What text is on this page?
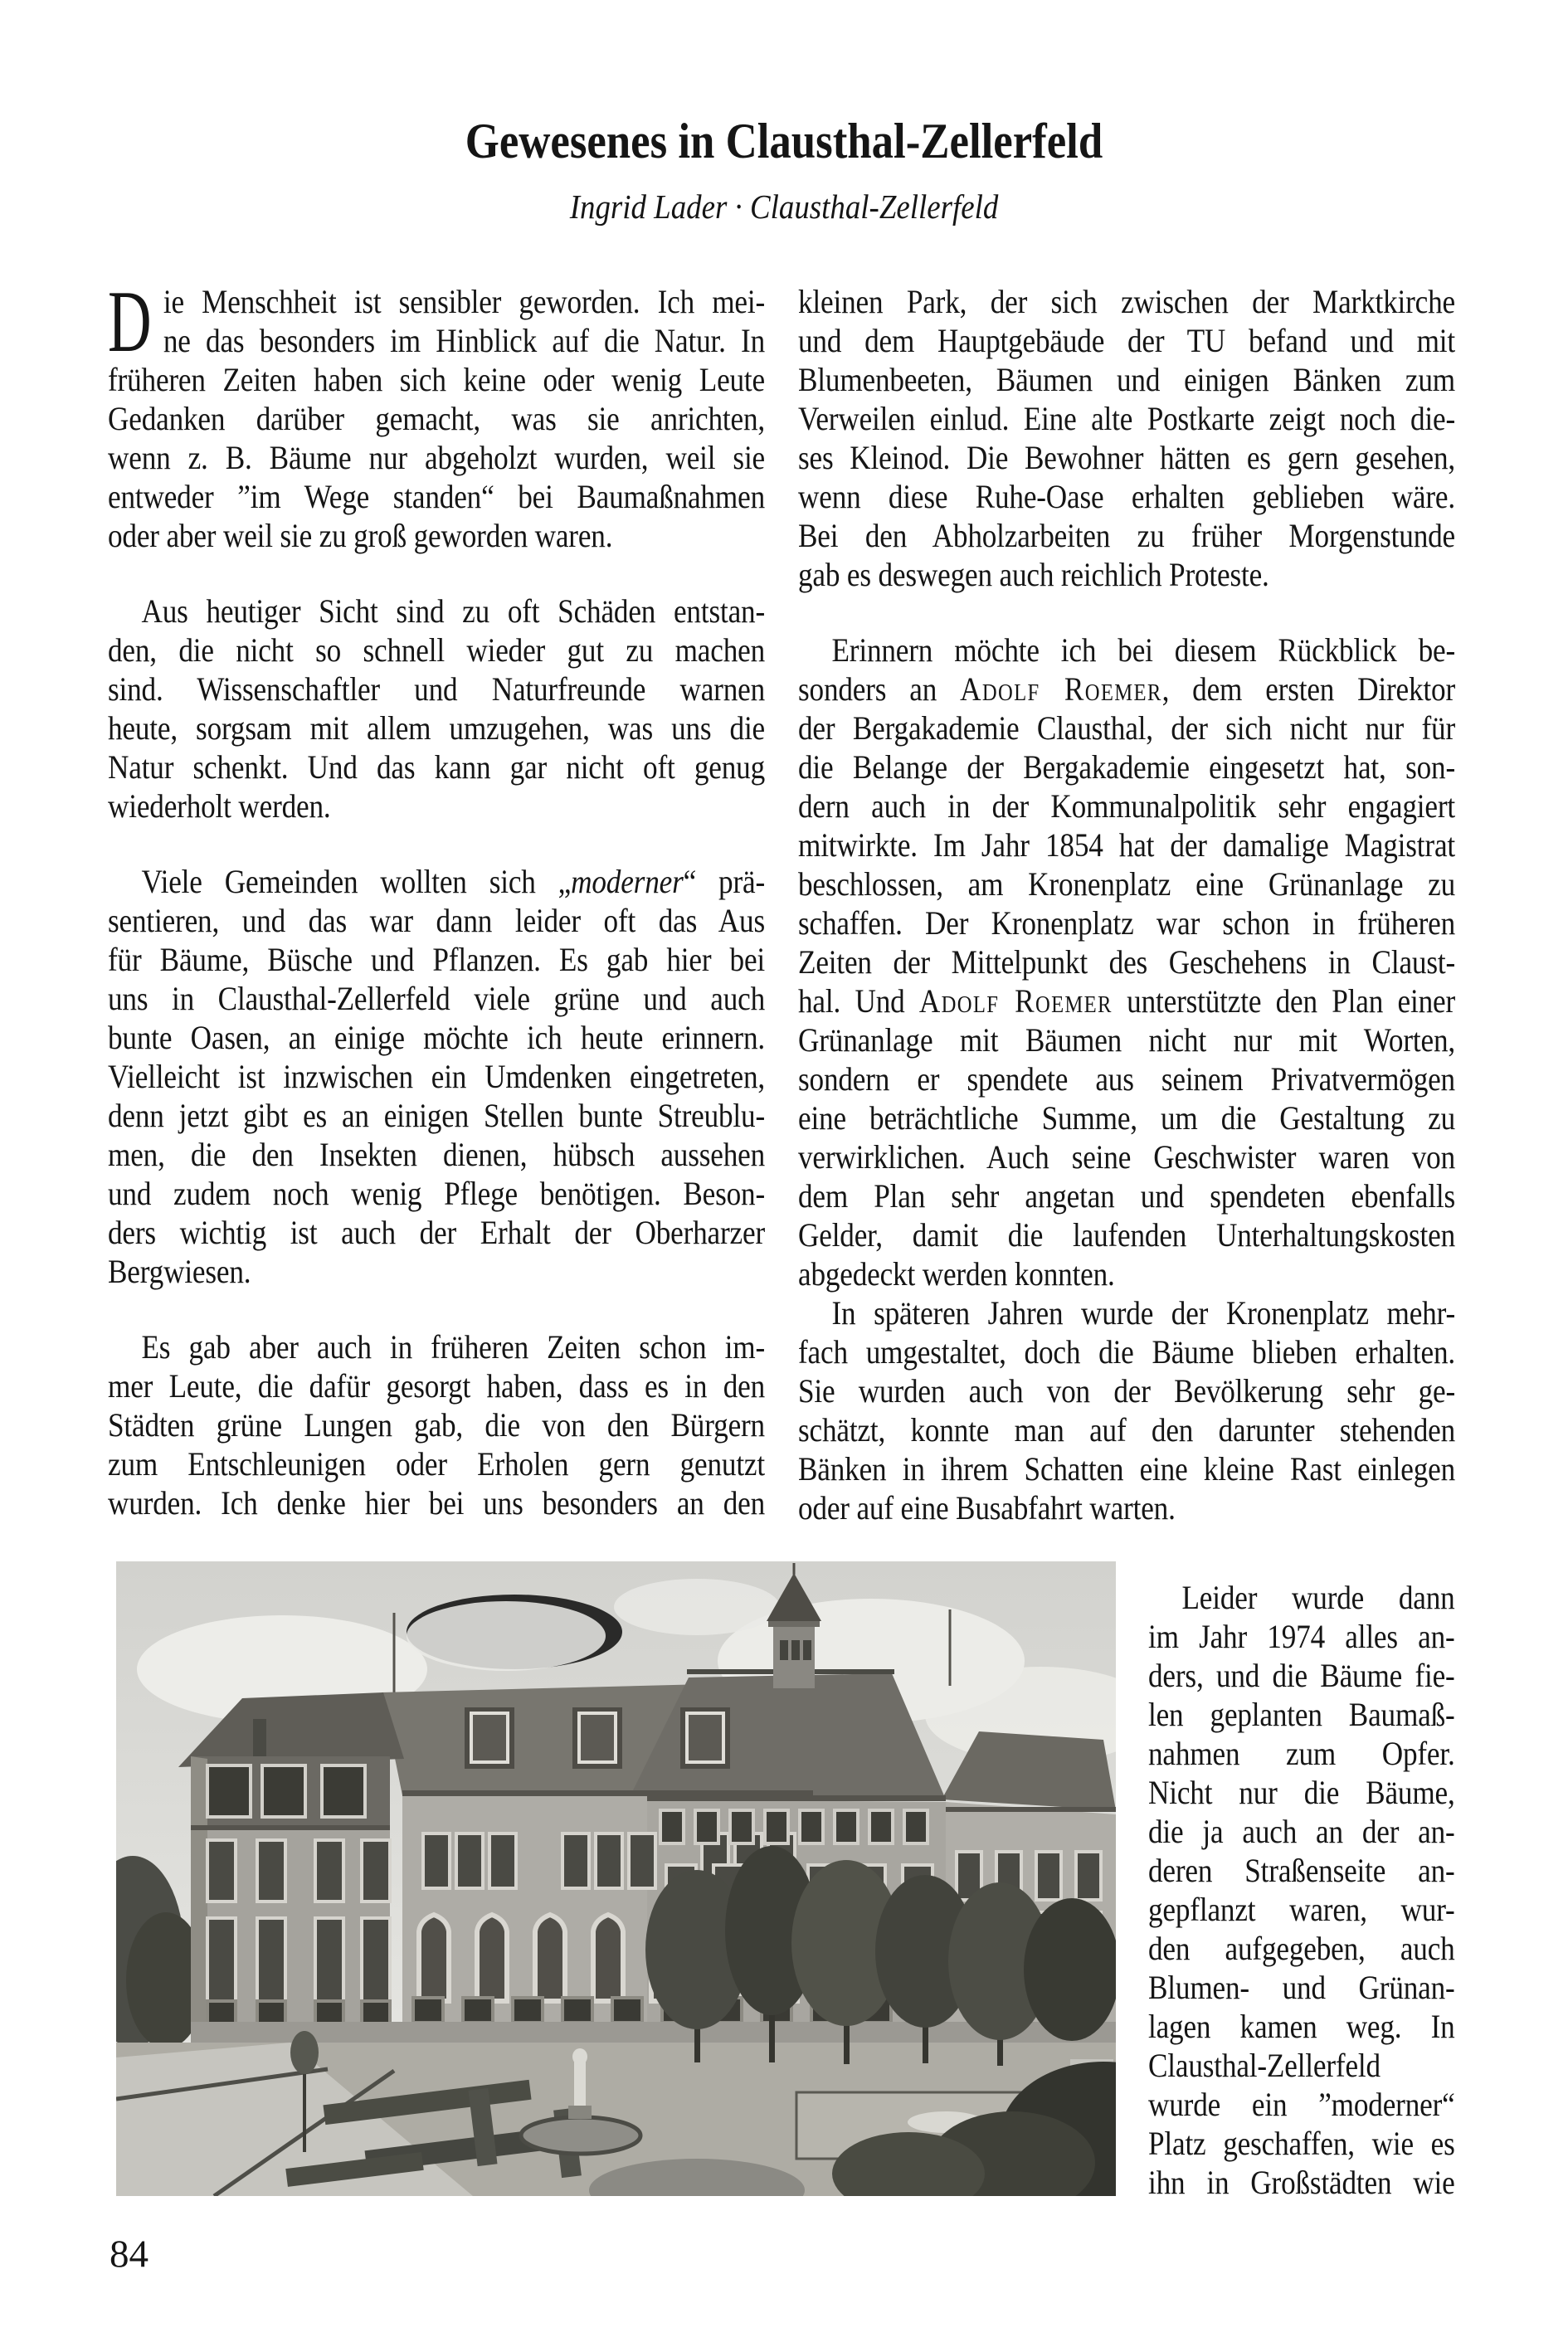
Gewesenes in Clausthal-Zellerfeld
Ingrid Lader · Clausthal-Zellerfeld
D ie Menschheit ist sensibler geworden. Ich mei-
ne das besonders im Hinblick auf die Natur. In
früheren Zeiten haben sich keine oder wenig Leute
Gedanken darüber gemacht, was sie anrichten,
wenn z. B. Bäume nur abgeholzt wurden, weil sie
entweder ”im Wege standen“ bei Baumaßnahmen
oder aber weil sie zu groß geworden waren.
Aus heutiger Sicht sind zu oft Schäden entstan-
den, die nicht so schnell wieder gut zu machen
sind. Wissenschaftler und Naturfreunde warnen
heute, sorgsam mit allem umzugehen, was uns die
Natur schenkt. Und das kann gar nicht oft genug
wiederholt werden.
Viele Gemeinden wollten sich „moderner“ prä-
sentieren, und das war dann leider oft das Aus
für Bäume, Büsche und Pflanzen. Es gab hier bei
uns in Clausthal-Zellerfeld viele grüne und auch
bunte Oasen, an einige möchte ich heute erinnern.
Vielleicht ist inzwischen ein Umdenken eingetreten,
denn jetzt gibt es an einigen Stellen bunte Streublu-
men, die den Insekten dienen, hübsch aussehen
und zudem noch wenig Pflege benötigen. Beson-
ders wichtig ist auch der Erhalt der Oberharzer
Bergwiesen.
Es gab aber auch in früheren Zeiten schon im-
mer Leute, die dafür gesorgt haben, dass es in den
Städten grüne Lungen gab, die von den Bürgern
zum Entschleunigen oder Erholen gern genutzt
wurden. Ich denke hier bei uns besonders an den
kleinen Park, der sich zwischen der Marktkirche
und dem Hauptgebäude der TU befand und mit
Blumenbeeten, Bäumen und einigen Bänken zum
Verweilen einlud. Eine alte Postkarte zeigt noch die-
ses Kleinod. Die Bewohner hätten es gern gesehen,
wenn diese Ruhe-Oase erhalten geblieben wäre.
Bei den Abholzarbeiten zu früher Morgenstunde
gab es deswegen auch reichlich Proteste.
Erinnern möchte ich bei diesem Rückblick be-
sonders an Adolf Roemer, dem ersten Direktor
der Bergakademie Clausthal, der sich nicht nur für
die Belange der Bergakademie eingesetzt hat, son-
dern auch in der Kommunalpolitik sehr engagiert
mitwirkte. Im Jahr 1854 hat der damalige Magistrat
beschlossen, am Kronenplatz eine Grünanlage zu
schaffen. Der Kronenplatz war schon in früheren
Zeiten der Mittelpunkt des Geschehens in Claust-
hal. Und Adolf Roemer unterstützte den Plan einer
Grünanlage mit Bäumen nicht nur mit Worten,
sondern er spendete aus seinem Privatvermögen
eine beträchtliche Summe, um die Gestaltung zu
verwirklichen. Auch seine Geschwister waren von
dem Plan sehr angetan und spendeten ebenfalls
Gelder, damit die laufenden Unterhaltungskosten
abgedeckt werden konnten.
In späteren Jahren wurde der Kronenplatz mehr-
fach umgestaltet, doch die Bäume blieben erhalten.
Sie wurden auch von der Bevölkerung sehr ge-
schätzt, konnte man auf den darunter stehenden
Bänken in ihrem Schatten eine kleine Rast einlegen
oder auf eine Busabfahrt warten.
Leider wurde dann
im Jahr 1974 alles an-
ders, und die Bäume fie-
len geplanten Baumaß-
nahmen zum Opfer.
Nicht nur die Bäume,
die ja auch an der an-
deren Straßenseite an-
gepflanzt waren, wur-
den aufgegeben, auch
Blumen- und Grünan-
lagen kamen weg. In
Clausthal-Zellerfeld
wurde ein ”moderner“
Platz geschaffen, wie es
ihn in Großstädten wie
84
